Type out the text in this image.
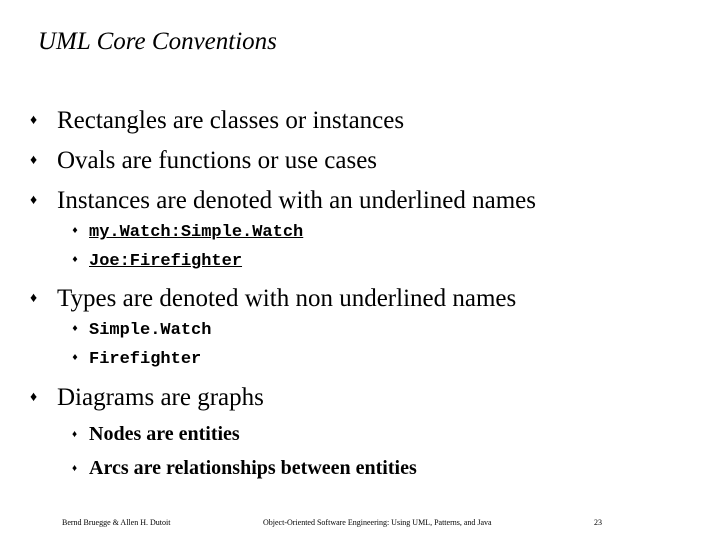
UML Core Conventions
♦ Rectangles are classes or instances
♦ Ovals are functions or use cases
♦ Instances are denoted with an underlined names
♦ my.Watch:Simple.Watch
♦ Joe:Firefighter
♦ Types are denoted with non underlined names
♦ Simple.Watch
♦ Firefighter
♦ Diagrams are graphs
♦ Nodes are entities
♦ Arcs are relationships between entities
Bernd Bruegge & Allen H. Dutoit	Object-Oriented Software Engineering: Using UML, Patterns, and Java	23
